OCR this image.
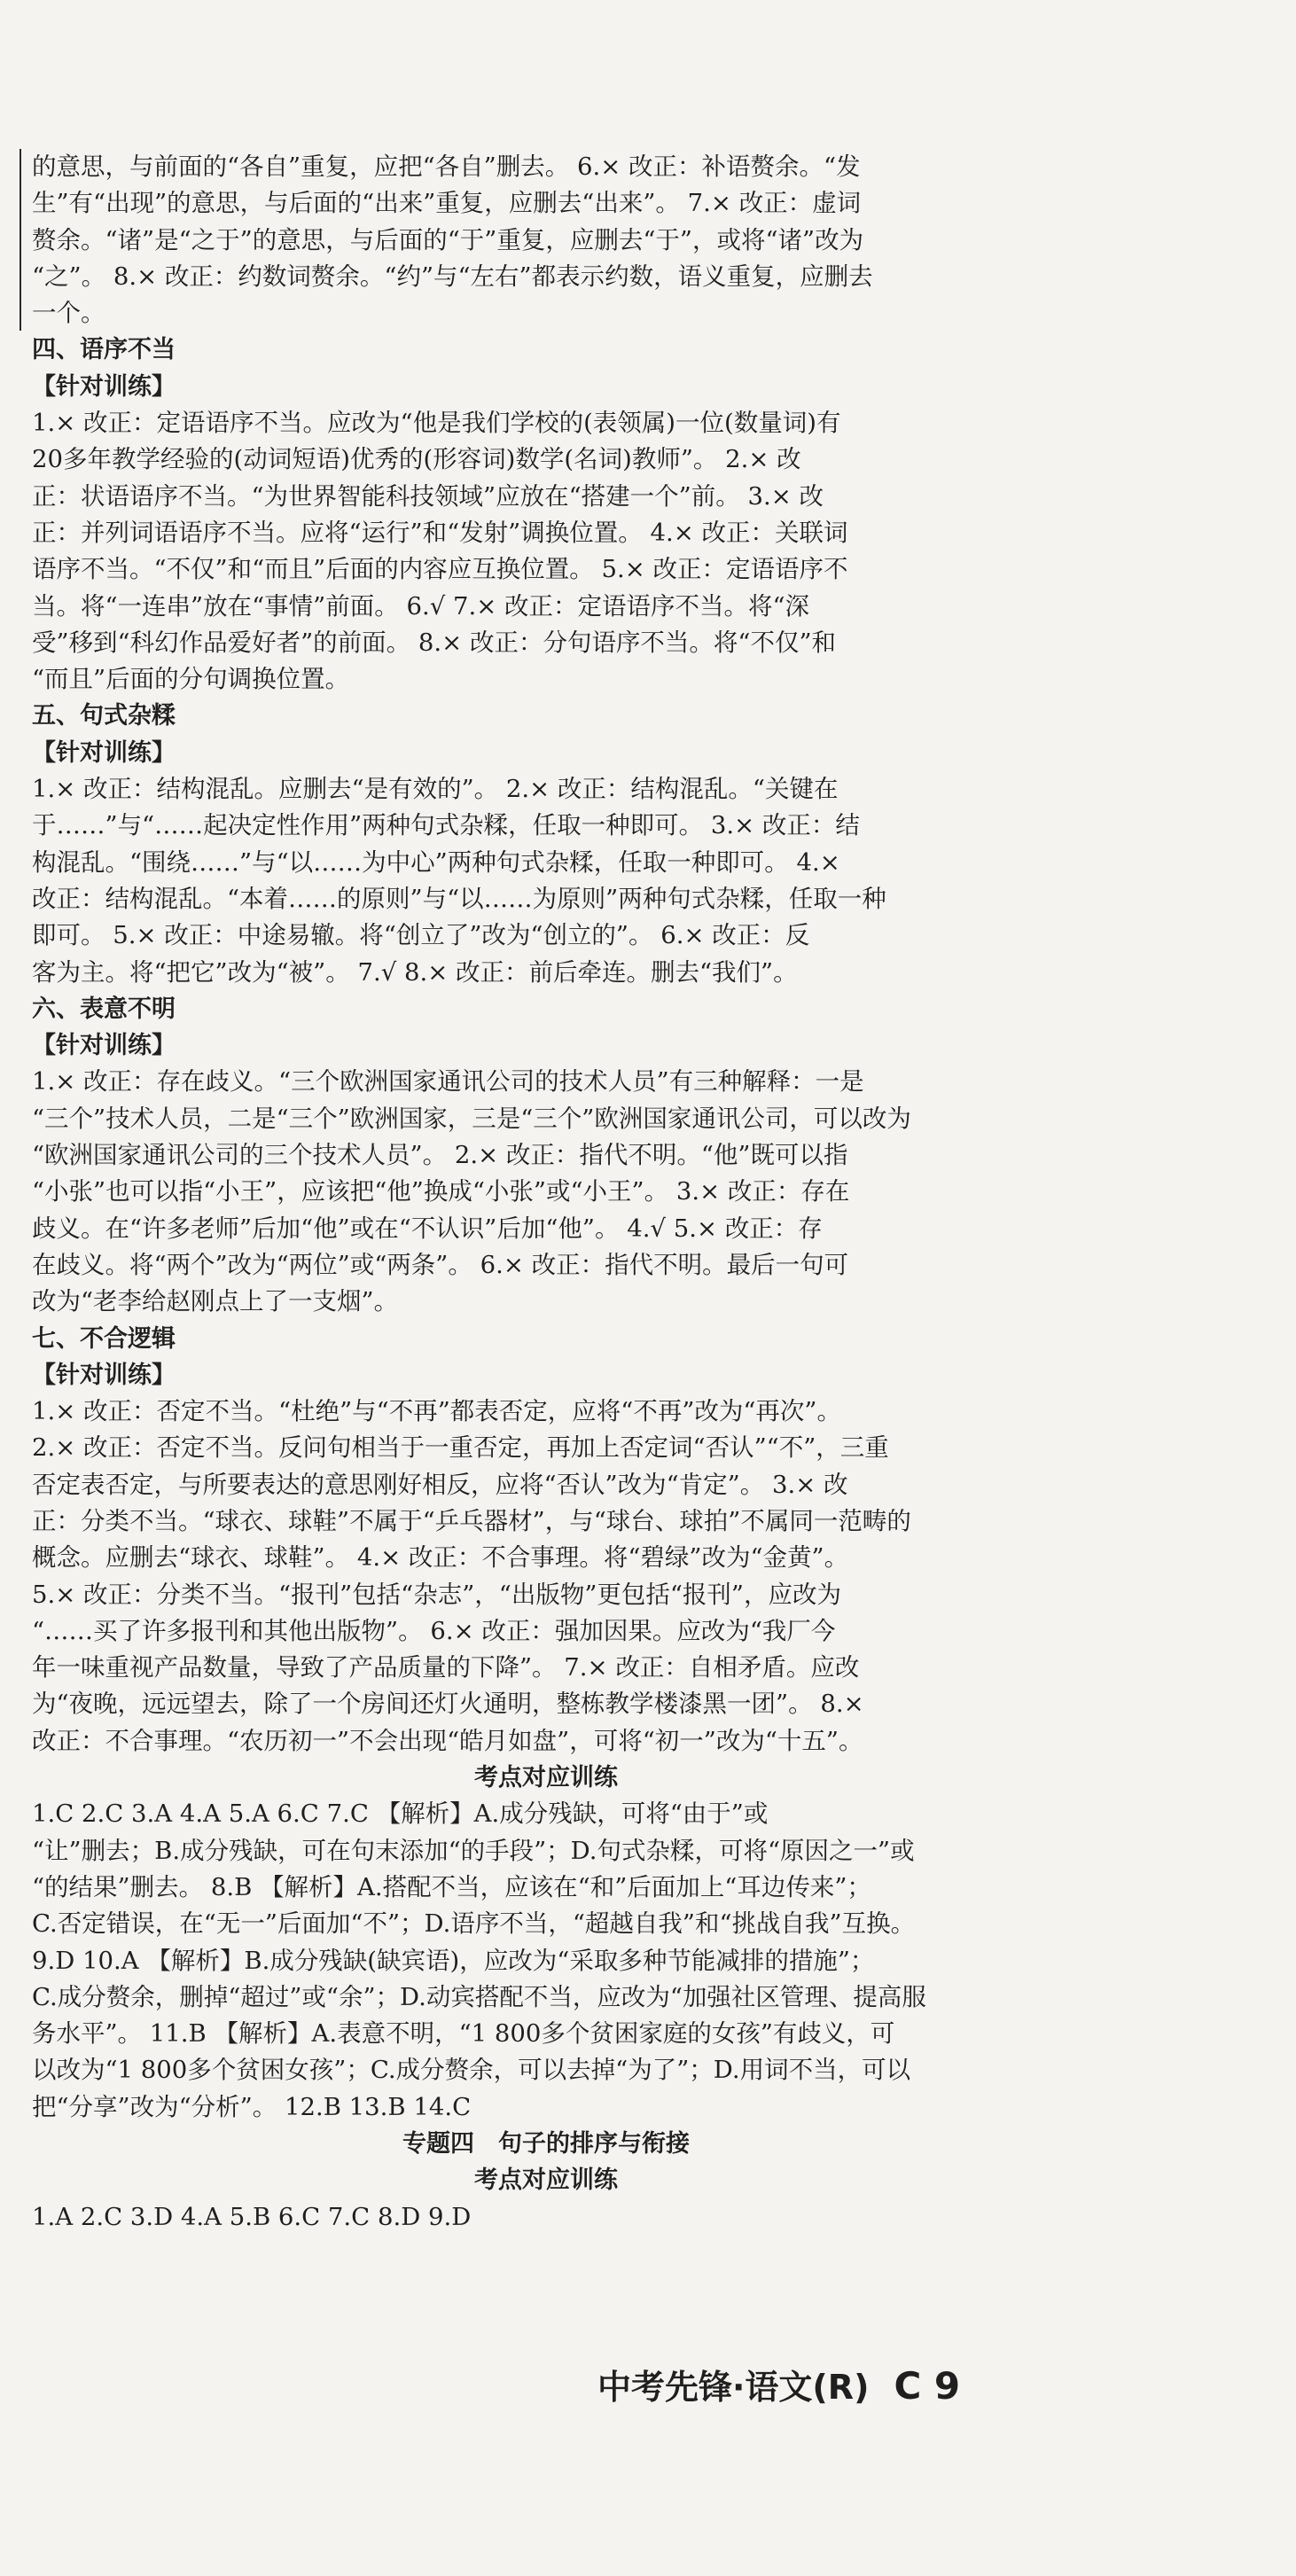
的意思，与前面的“各自”重复，应把“各自”删去。 6.× 改正：补语赘余。“发
生”有“出现”的意思，与后面的“出来”重复，应删去“出来”。 7.× 改正：虚词
赘余。“诸”是“之于”的意思，与后面的“于”重复，应删去“于”，或将“诸”改为
“之”。 8.× 改正：约数词赘余。“约”与“左右”都表示约数，语义重复，应删去
一个。
四、语序不当
【针对训练】
1.× 改正：定语语序不当。应改为“他是我们学校的(表领属)一位(数量词)有
20多年教学经验的(动词短语)优秀的(形容词)数学(名词)教师”。 2.× 改
正：状语语序不当。“为世界智能科技领域”应放在“搭建一个”前。 3.× 改
正：并列词语语序不当。应将“运行”和“发射”调换位置。 4.× 改正：关联词
语序不当。“不仅”和“而且”后面的内容应互换位置。 5.× 改正：定语语序不
当。将“一连串”放在“事情”前面。 6.√ 7.× 改正：定语语序不当。将“深
受”移到“科幻作品爱好者”的前面。 8.× 改正：分句语序不当。将“不仅”和
“而且”后面的分句调换位置。
五、句式杂糅
【针对训练】
1.× 改正：结构混乱。应删去“是有效的”。 2.× 改正：结构混乱。“关键在
于……”与“……起决定性作用”两种句式杂糅，任取一种即可。 3.× 改正：结
构混乱。“围绕……”与“以……为中心”两种句式杂糅，任取一种即可。 4.×
改正：结构混乱。“本着……的原则”与“以……为原则”两种句式杂糅，任取一种
即可。 5.× 改正：中途易辙。将“创立了”改为“创立的”。 6.× 改正：反
客为主。将“把它”改为“被”。 7.√ 8.× 改正：前后牵连。删去“我们”。
六、表意不明
【针对训练】
1.× 改正：存在歧义。“三个欧洲国家通讯公司的技术人员”有三种解释：一是
“三个”技术人员，二是“三个”欧洲国家，三是“三个”欧洲国家通讯公司，可以改为
“欧洲国家通讯公司的三个技术人员”。 2.× 改正：指代不明。“他”既可以指
“小张”也可以指“小王”，应该把“他”换成“小张”或“小王”。 3.× 改正：存在
歧义。在“许多老师”后加“他”或在“不认识”后加“他”。 4.√ 5.× 改正：存
在歧义。将“两个”改为“两位”或“两条”。 6.× 改正：指代不明。最后一句可
改为“老李给赵刚点上了一支烟”。
七、不合逻辑
【针对训练】
1.× 改正：否定不当。“杜绝”与“不再”都表否定，应将“不再”改为“再次”。
2.× 改正：否定不当。反问句相当于一重否定，再加上否定词“否认”“不”，三重
否定表否定，与所要表达的意思刚好相反，应将“否认”改为“肯定”。 3.× 改
正：分类不当。“球衣、球鞋”不属于“乒乓器材”，与“球台、球拍”不属同一范畴的
概念。应删去“球衣、球鞋”。 4.× 改正：不合事理。将“碧绿”改为“金黄”。
5.× 改正：分类不当。“报刊”包括“杂志”，“出版物”更包括“报刊”，应改为
“……买了许多报刊和其他出版物”。 6.× 改正：强加因果。应改为“我厂今
年一味重视产品数量，导致了产品质量的下降”。 7.× 改正：自相矛盾。应改
为“夜晚，远远望去，除了一个房间还灯火通明，整栋教学楼漆黑一团”。 8.×
改正：不合事理。“农历初一”不会出现“皓月如盘”，可将“初一”改为“十五”。
考点对应训练
1.C 2.C 3.A 4.A 5.A 6.C 7.C 【解析】A.成分残缺，可将“由于”或
“让”删去；B.成分残缺，可在句末添加“的手段”；D.句式杂糅，可将“原因之一”或
“的结果”删去。 8.B 【解析】A.搭配不当，应该在“和”后面加上“耳边传来”；
C.否定错误，在“无一”后面加“不”；D.语序不当，“超越自我”和“挑战自我”互换。
9.D 10.A 【解析】B.成分残缺(缺宾语)，应改为“采取多种节能减排的措施”；
C.成分赘余，删掉“超过”或“余”；D.动宾搭配不当，应改为“加强社区管理、提高服
务水平”。 11.B 【解析】A.表意不明，“1 800多个贫困家庭的女孩”有歧义，可
以改为“1 800多个贫困女孩”；C.成分赘余，可以去掉“为了”；D.用词不当，可以
把“分享”改为“分析”。 12.B 13.B 14.C
专题四　句子的排序与衔接
考点对应训练
1.A 2.C 3.D 4.A 5.B 6.C 7.C 8.D 9.D
中考先锋·语文(R) C 9
